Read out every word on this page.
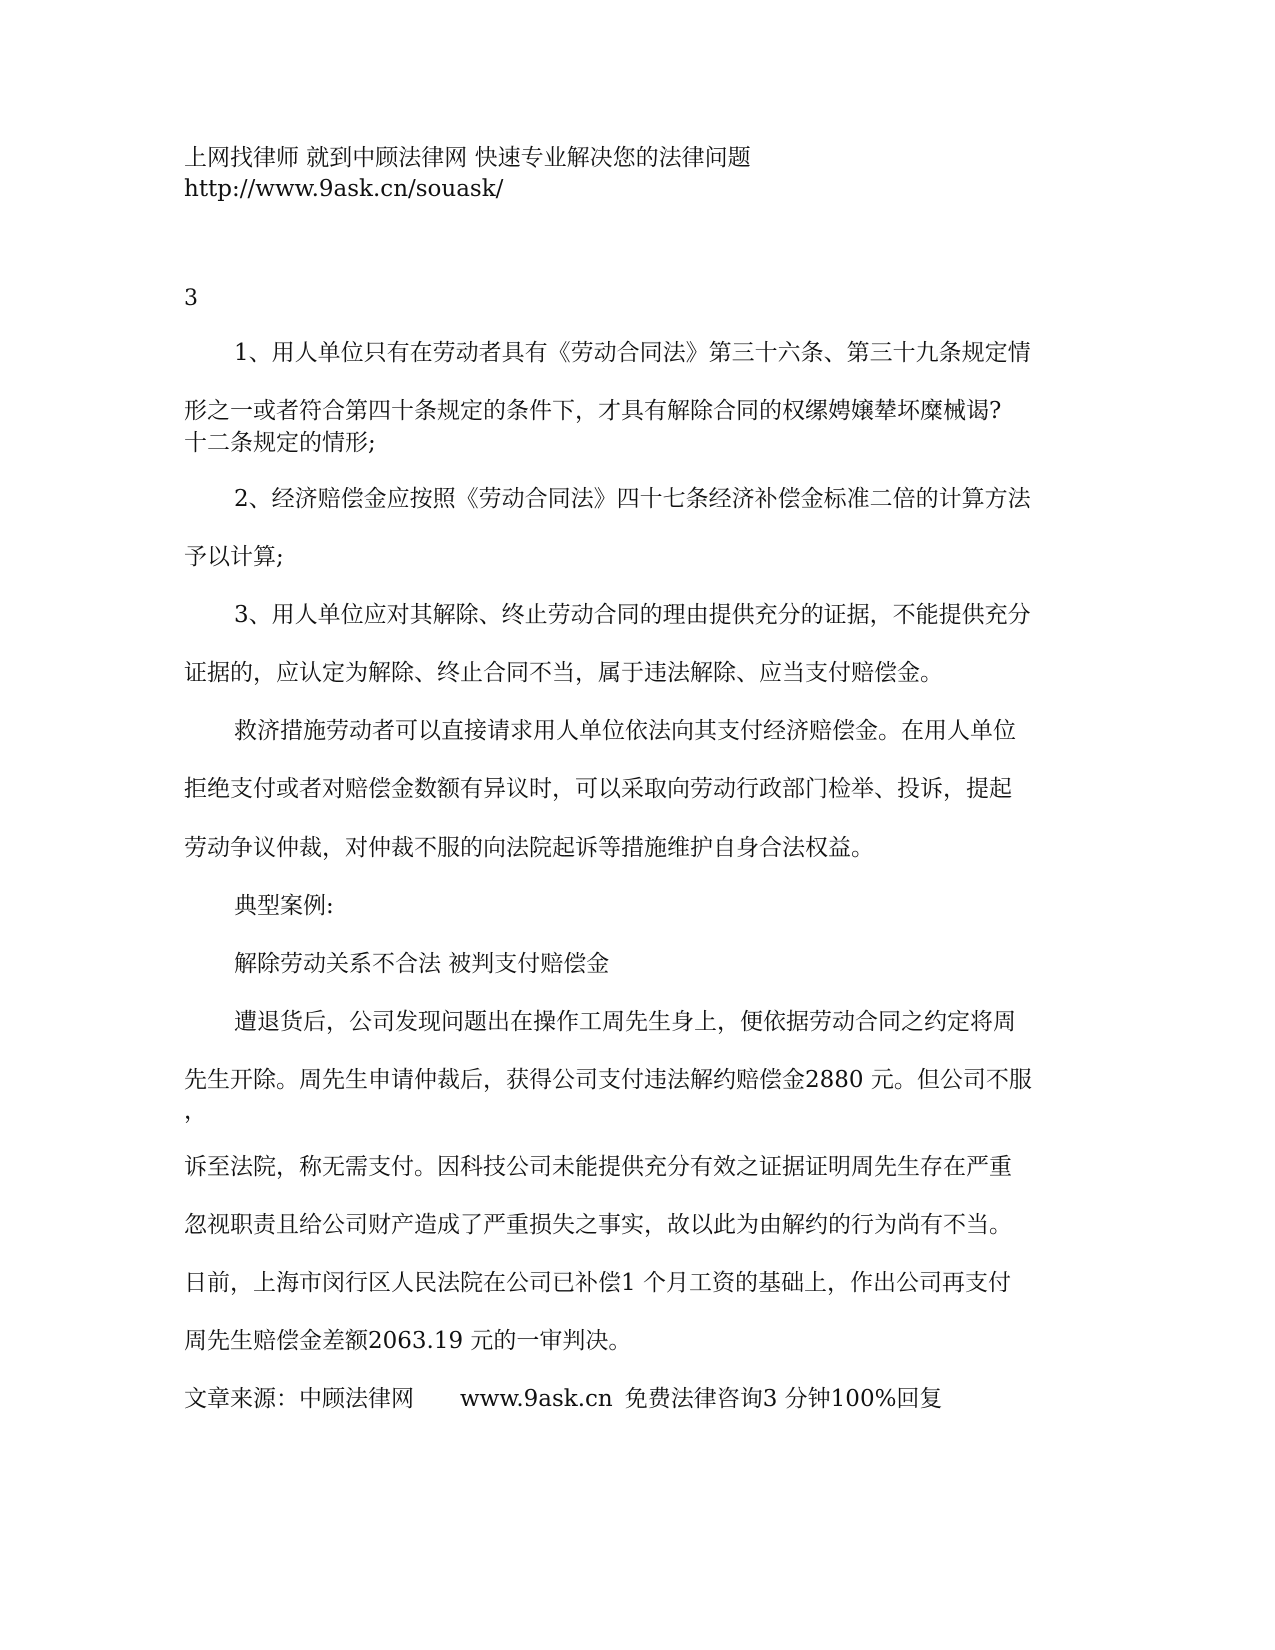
上网找律师 就到中顾法律网 快速专业解决您的法律问题
http://www.9ask.cn/souask/
3
1、用人单位只有在劳动者具有《劳动合同法》第三十六条、第三十九条规定情
形之一或者符合第四十条规定的条件下，才具有解除合同的权缧娉嬢辇坏糜械谒?
十二条规定的情形;
2、经济赔偿金应按照《劳动合同法》四十七条经济补偿金标准二倍的计算方法
予以计算;
3、用人单位应对其解除、终止劳动合同的理由提供充分的证据，不能提供充分
证据的，应认定为解除、终止合同不当，属于违法解除、应当支付赔偿金。
救济措施劳动者可以直接请求用人单位依法向其支付经济赔偿金。在用人单位
拒绝支付或者对赔偿金数额有异议时，可以采取向劳动行政部门检举、投诉，提起
劳动争议仲裁，对仲裁不服的向法院起诉等措施维护自身合法权益。
典型案例:
解除劳动关系不合法 被判支付赔偿金
遭退货后，公司发现问题出在操作工周先生身上，便依据劳动合同之约定将周
先生开除。周先生申请仲裁后，获得公司支付违法解约赔偿金2880 元。但公司不服
，
诉至法院，称无需支付。因科技公司未能提供充分有效之证据证明周先生存在严重
忽视职责且给公司财产造成了严重损失之事实，故以此为由解约的行为尚有不当。
日前，上海市闵行区人民法院在公司已补偿1 个月工资的基础上，作出公司再支付
周先生赔偿金差额2063.19 元的一审判决。
文章来源：中顾法律网 www.9ask.cn 免费法律咨询3 分钟100%回复
